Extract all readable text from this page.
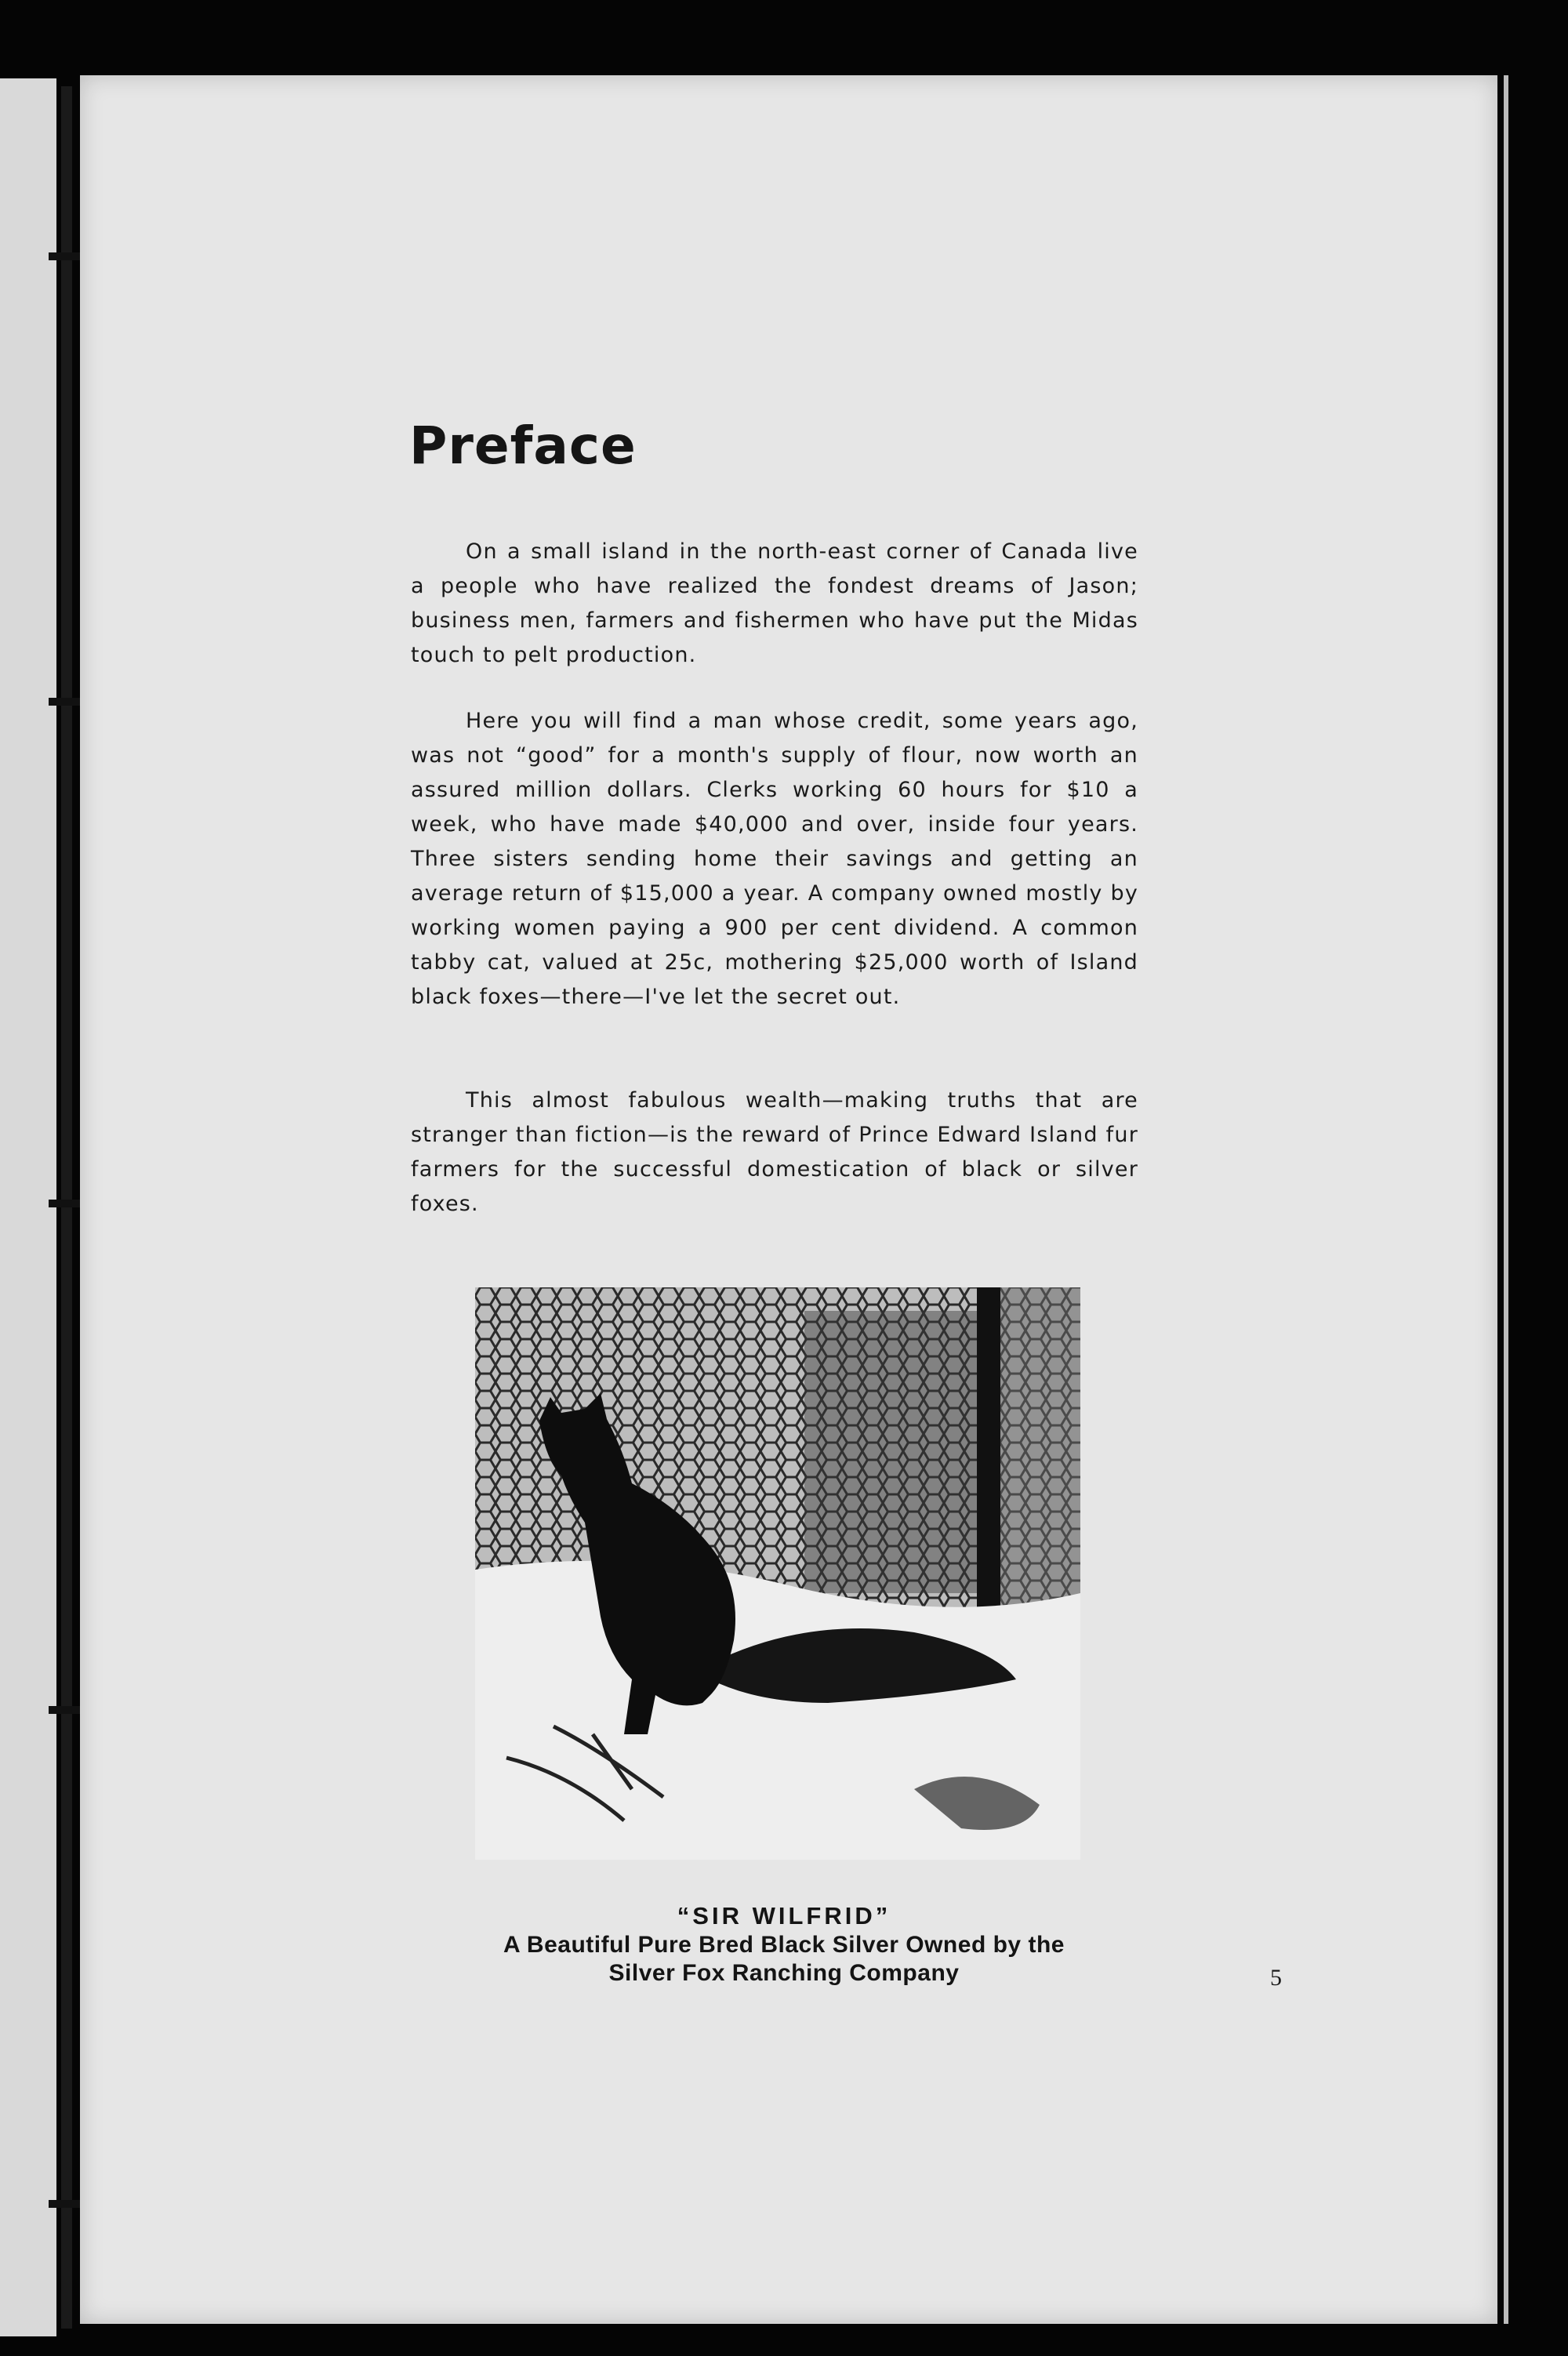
Preface

On a small island in the north-east corner of Canada live a people who have realized the fondest dreams of Jason; business men, farmers and fishermen who have put the Midas touch to pelt production.

Here you will find a man whose credit, some years ago, was not “good” for a month's supply of flour, now worth an assured million dollars. Clerks working 60 hours for $10 a week, who have made $40,000 and over, inside four years. Three sisters sending home their savings and getting an average return of $15,000 a year. A company owned mostly by working women paying a 900 per cent dividend. A common tabby cat, valued at 25c, mothering $25,000 worth of Island black foxes—there—I've let the secret out.

This almost fabulous wealth—making truths that are stranger than fiction—is the reward of Prince Edward Island fur farmers for the successful domestication of black or silver foxes.

“SIR WILFRID”

A Beautiful Pure Bred Black Silver Owned by the

Silver Fox Ranching Company	5
